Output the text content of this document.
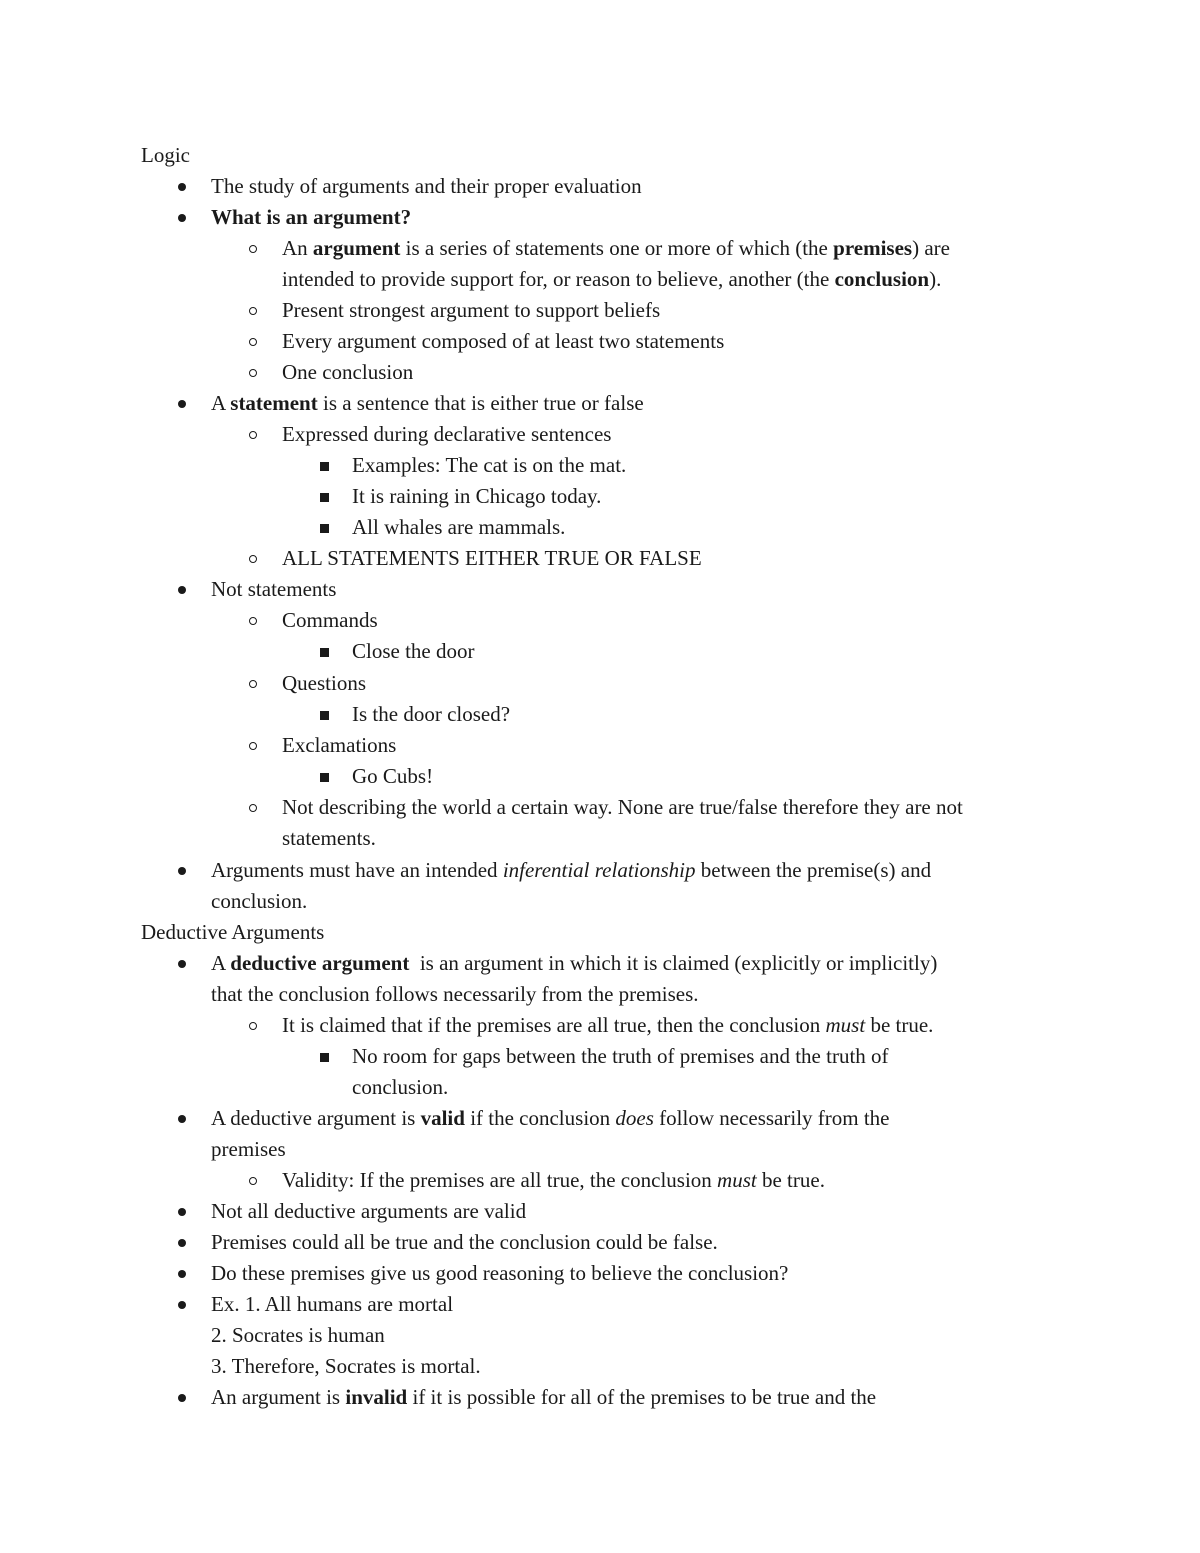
Logic
The study of arguments and their proper evaluation
What is an argument?
An argument is a series of statements one or more of which (the premises) are
intended to provide support for, or reason to believe, another (the conclusion).
Present strongest argument to support beliefs
Every argument composed of at least two statements
One conclusion
A statement is a sentence that is either true or false
Expressed during declarative sentences
Examples: The cat is on the mat.
It is raining in Chicago today.
All whales are mammals.
ALL STATEMENTS EITHER TRUE OR FALSE
Not statements
Commands
Close the door
Questions
Is the door closed?
Exclamations
Go Cubs!
Not describing the world a certain way. None are true/false therefore they are not
statements.
Arguments must have an intended inferential relationship between the premise(s) and
conclusion.
Deductive Arguments
A deductive argument  is an argument in which it is claimed (explicitly or implicitly)
that the conclusion follows necessarily from the premises.
It is claimed that if the premises are all true, then the conclusion must be true.
No room for gaps between the truth of premises and the truth of
conclusion.
A deductive argument is valid if the conclusion does follow necessarily from the
premises
Validity: If the premises are all true, the conclusion must be true.
Not all deductive arguments are valid
Premises could all be true and the conclusion could be false.
Do these premises give us good reasoning to believe the conclusion?
Ex. 1. All humans are mortal
2. Socrates is human
3. Therefore, Socrates is mortal.
An argument is invalid if it is possible for all of the premises to be true and the
